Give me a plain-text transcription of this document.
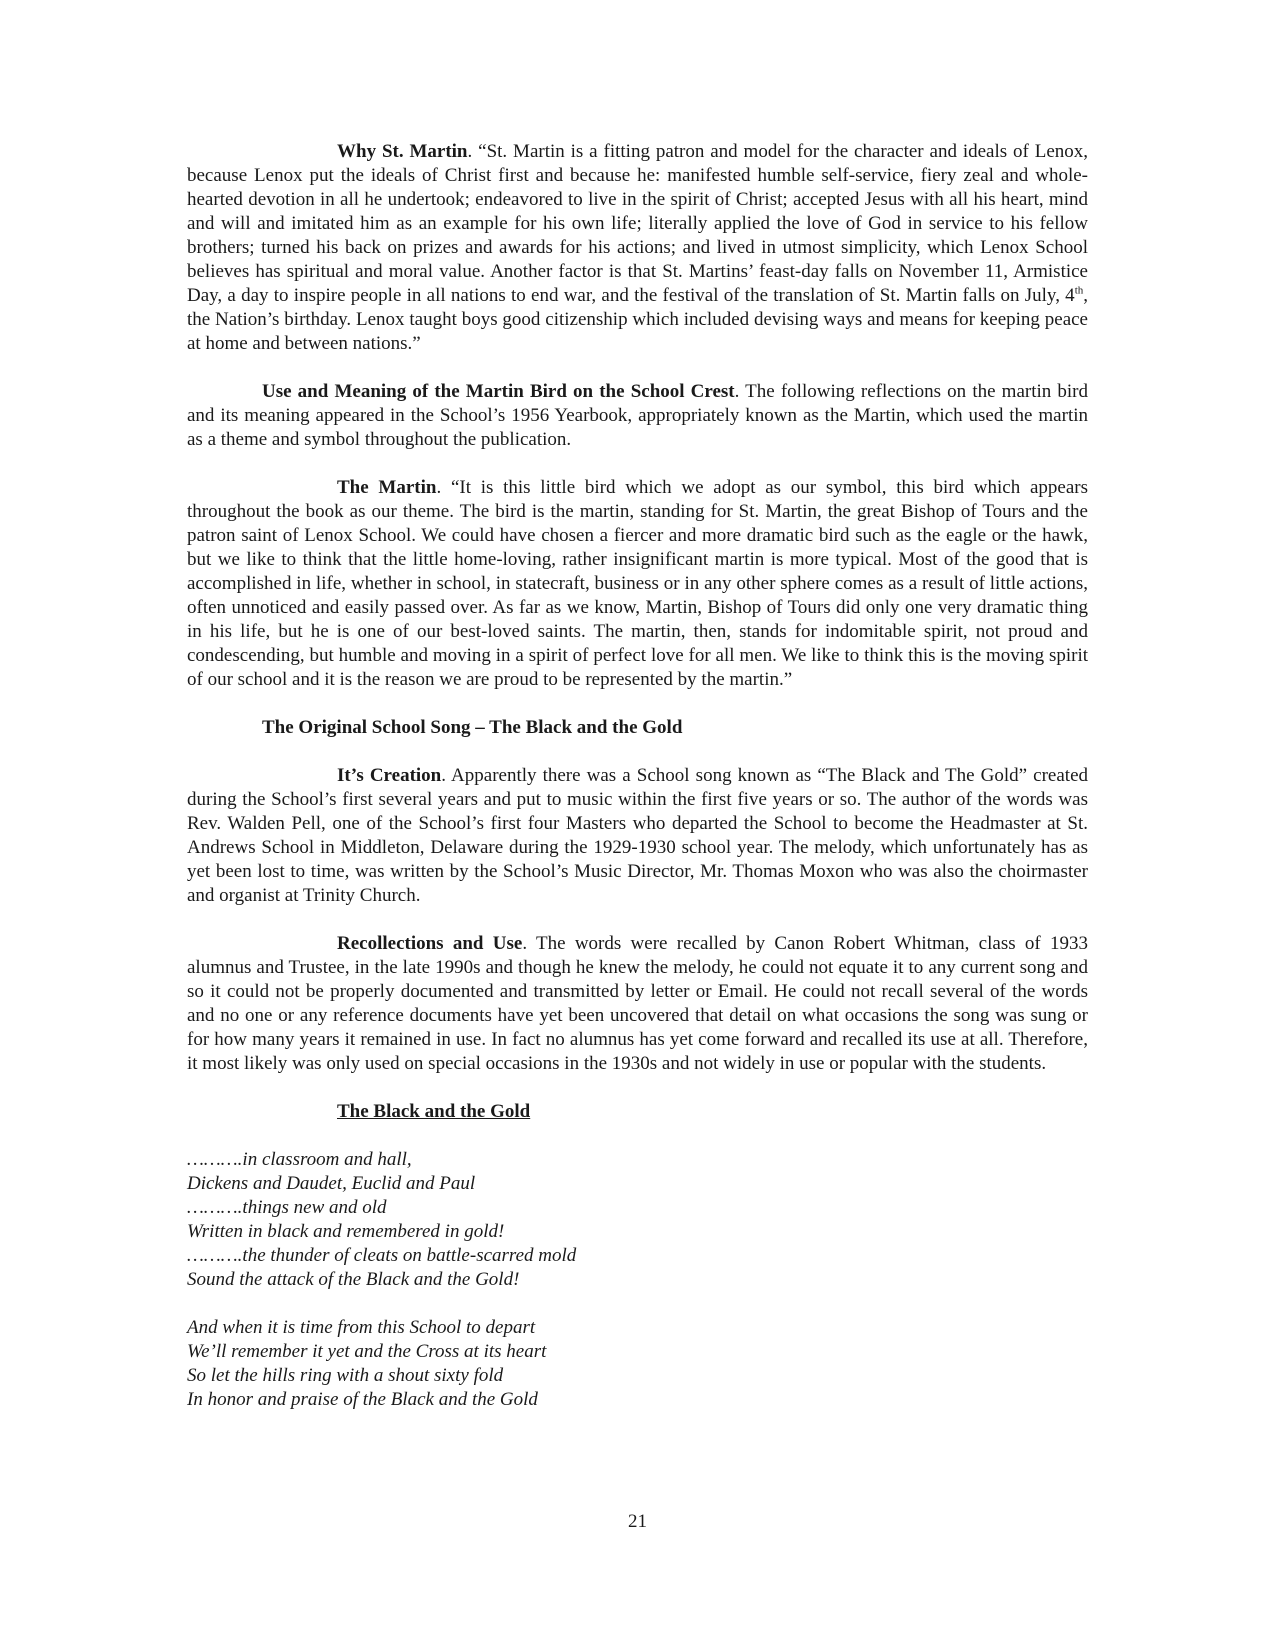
Why St. Martin. “St. Martin is a fitting patron and model for the character and ideals of Lenox, because Lenox put the ideals of Christ first and because he: manifested humble self-service, fiery zeal and whole-hearted devotion in all he undertook; endeavored to live in the spirit of Christ; accepted Jesus with all his heart, mind and will and imitated him as an example for his own life; literally applied the love of God in service to his fellow brothers; turned his back on prizes and awards for his actions; and lived in utmost simplicity, which Lenox School believes has spiritual and moral value. Another factor is that St. Martins’ feast-day falls on November 11, Armistice Day, a day to inspire people in all nations to end war, and the festival of the translation of St. Martin falls on July, 4th, the Nation’s birthday. Lenox taught boys good citizenship which included devising ways and means for keeping peace at home and between nations.”

Use and Meaning of the Martin Bird on the School Crest. The following reflections on the martin bird and its meaning appeared in the School’s 1956 Yearbook, appropriately known as the Martin, which used the martin as a theme and symbol throughout the publication.

The Martin. “It is this little bird which we adopt as our symbol, this bird which appears throughout the book as our theme. The bird is the martin, standing for St. Martin, the great Bishop of Tours and the patron saint of Lenox School. We could have chosen a fiercer and more dramatic bird such as the eagle or the hawk, but we like to think that the little home-loving, rather insignificant martin is more typical. Most of the good that is accomplished in life, whether in school, in statecraft, business or in any other sphere comes as a result of little actions, often unnoticed and easily passed over. As far as we know, Martin, Bishop of Tours did only one very dramatic thing in his life, but he is one of our best-loved saints. The martin, then, stands for indomitable spirit, not proud and condescending, but humble and moving in a spirit of perfect love for all men. We like to think this is the moving spirit of our school and it is the reason we are proud to be represented by the martin.”

The Original School Song – The Black and the Gold

It’s Creation. Apparently there was a School song known as “The Black and The Gold” created during the School’s first several years and put to music within the first five years or so. The author of the words was Rev. Walden Pell, one of the School’s first four Masters who departed the School to become the Headmaster at St. Andrews School in Middleton, Delaware during the 1929-1930 school year. The melody, which unfortunately has as yet been lost to time, was written by the School’s Music Director, Mr. Thomas Moxon who was also the choirmaster and organist at Trinity Church.

Recollections and Use. The words were recalled by Canon Robert Whitman, class of 1933 alumnus and Trustee, in the late 1990s and though he knew the melody, he could not equate it to any current song and so it could not be properly documented and transmitted by letter or Email. He could not recall several of the words and no one or any reference documents have yet been uncovered that detail on what occasions the song was sung or for how many years it remained in use. In fact no alumnus has yet come forward and recalled its use at all. Therefore, it most likely was only used on special occasions in the 1930s and not widely in use or popular with the students.

The Black and the Gold
……….in classroom and hall,
Dickens and Daudet, Euclid and Paul
……….things new and old
Written in black and remembered in gold!
……….the thunder of cleats on battle-scarred mold
Sound the attack of the Black and the Gold!
And when it is time from this School to depart
We’ll remember it yet and the Cross at its heart
So let the hills ring with a shout sixty fold
In honor and praise of the Black and the Gold
21
